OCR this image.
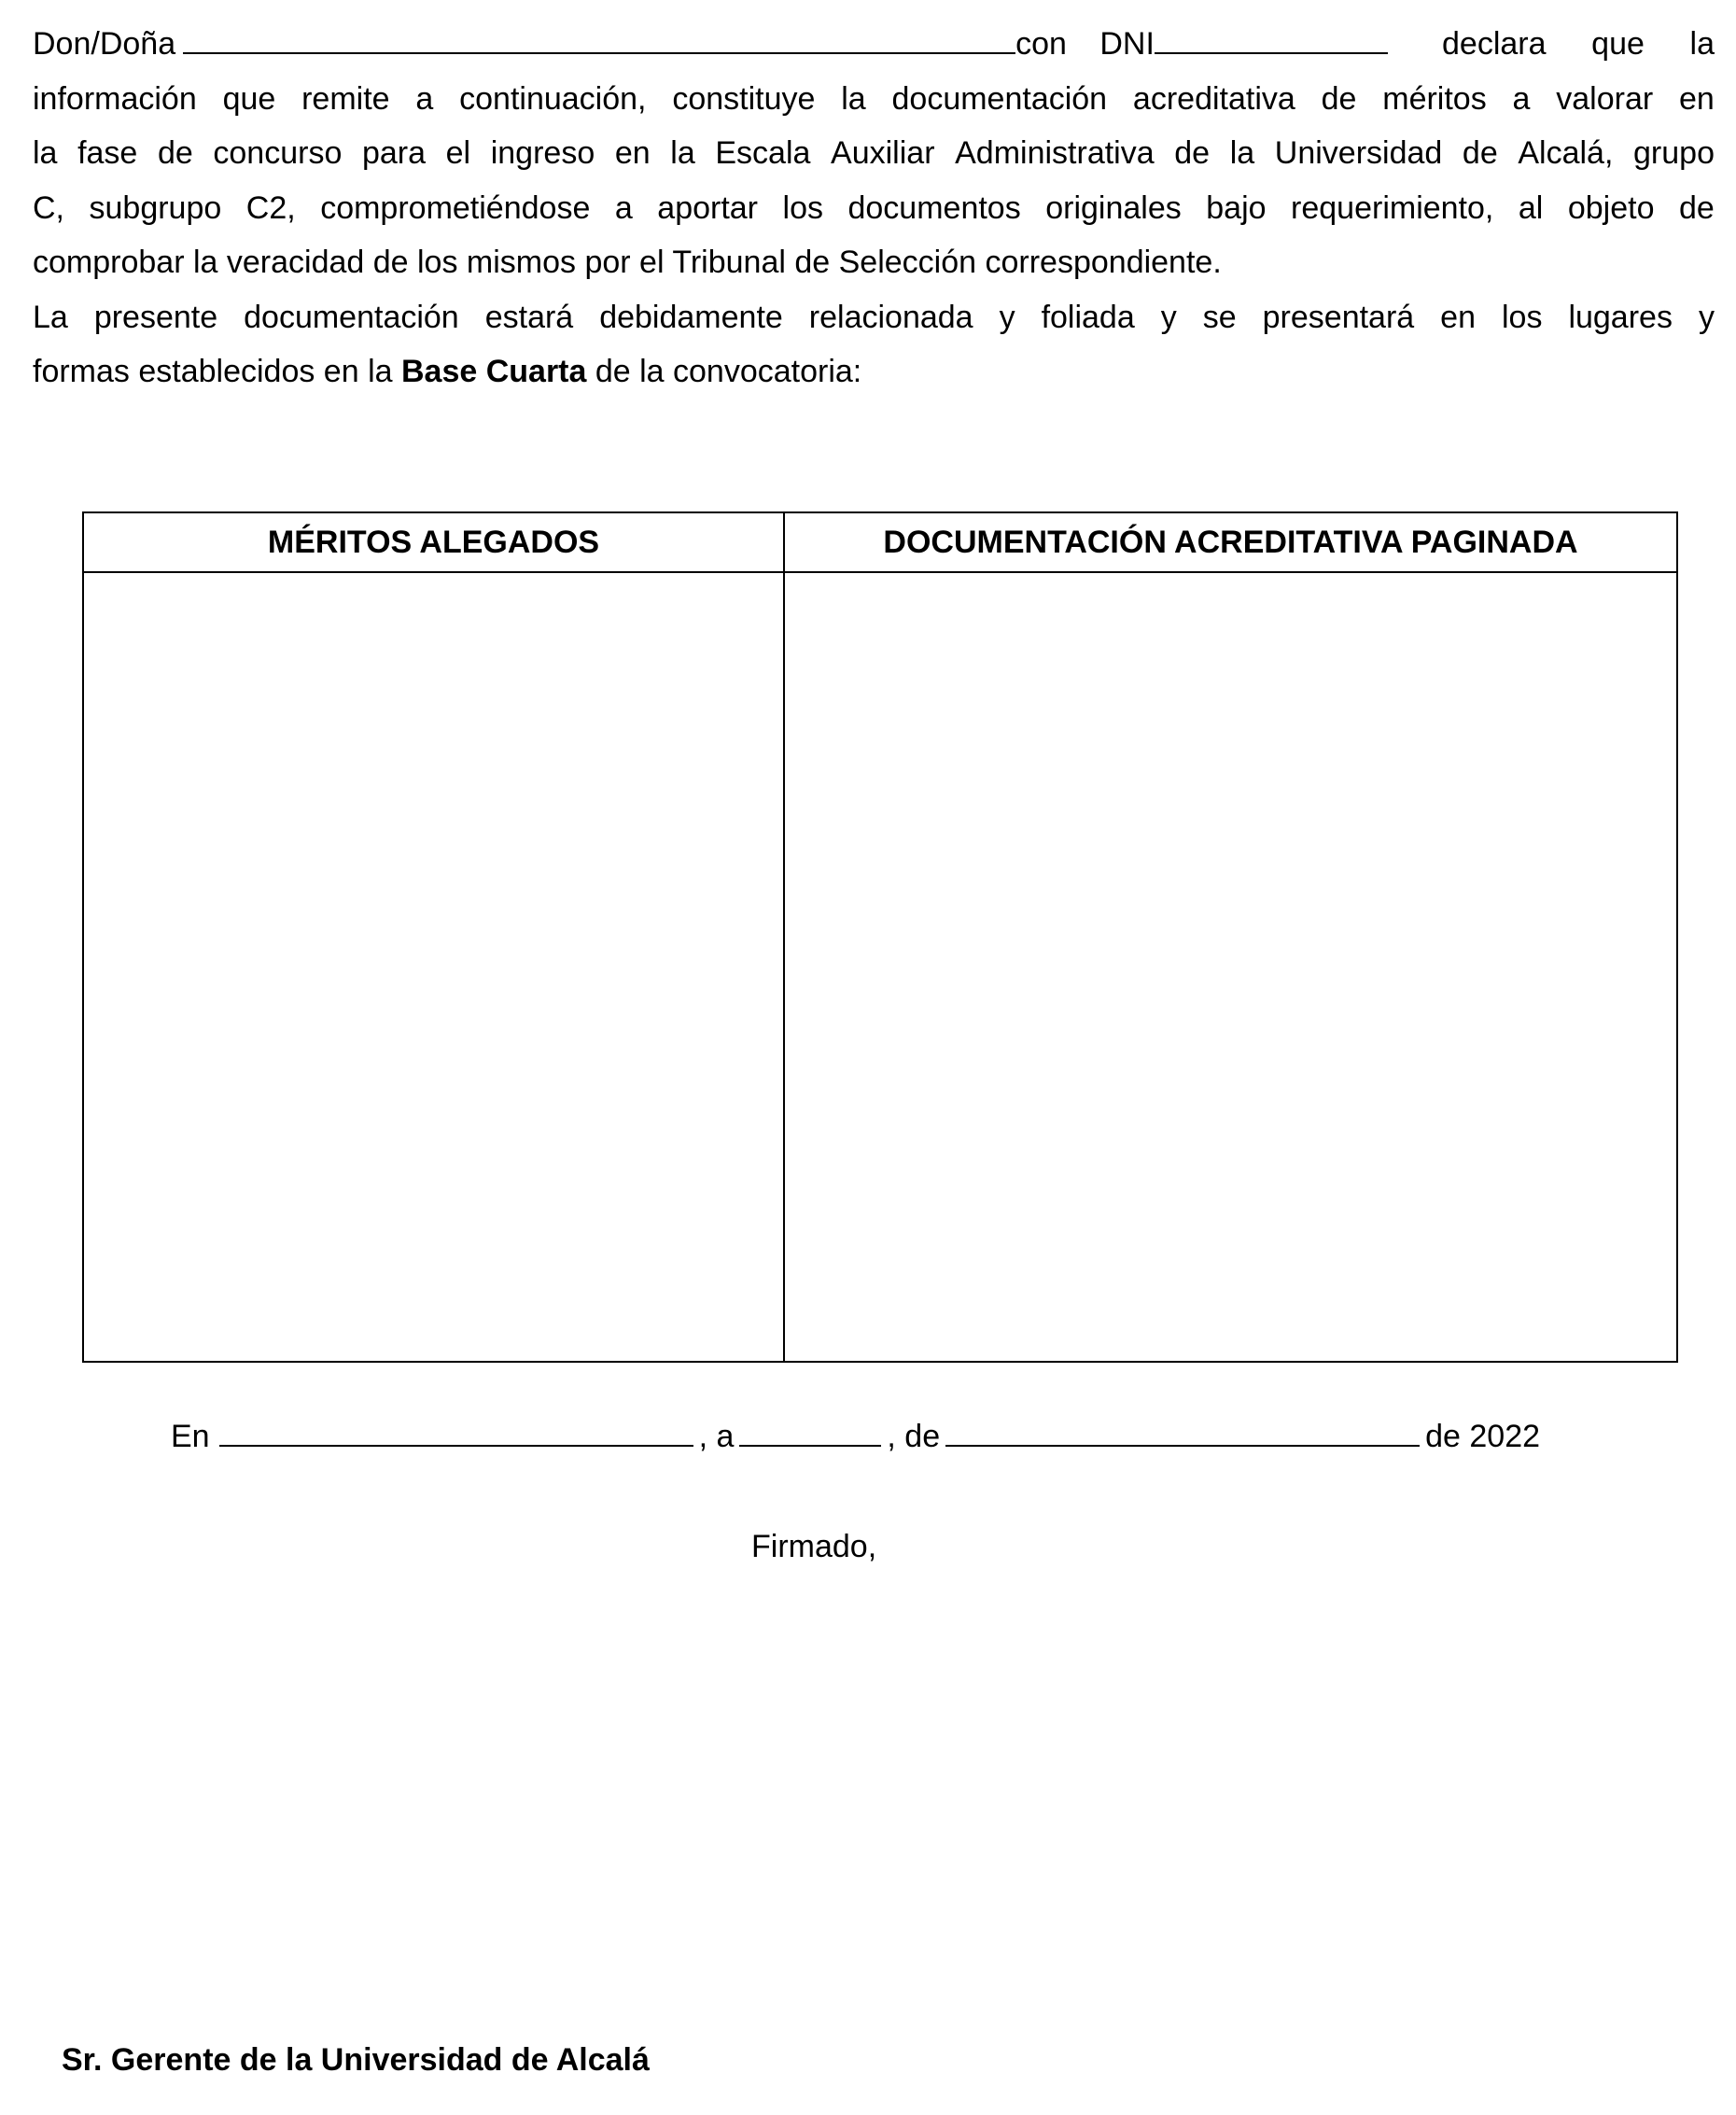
Don/Doña	con DNI	declara que la
información que remite a continuación, constituye la documentación acreditativa de méritos a valorar en
la fase de concurso para el ingreso en la Escala Auxiliar Administrativa de la Universidad de Alcalá, grupo
C, subgrupo C2, comprometiéndose a aportar los documentos originales bajo requerimiento, al objeto de
comprobar la veracidad de los mismos por el Tribunal de Selección correspondiente.
La presente documentación estará debidamente relacionada y foliada y se presentará en los lugares y
formas establecidos en la Base Cuarta de la convocatoria:
MÉRITOS ALEGADOS	DOCUMENTACIÓN ACREDITATIVA PAGINADA

En	, a	, de	de 2022
Firmado,
Sr. Gerente de la Universidad de Alcalá
